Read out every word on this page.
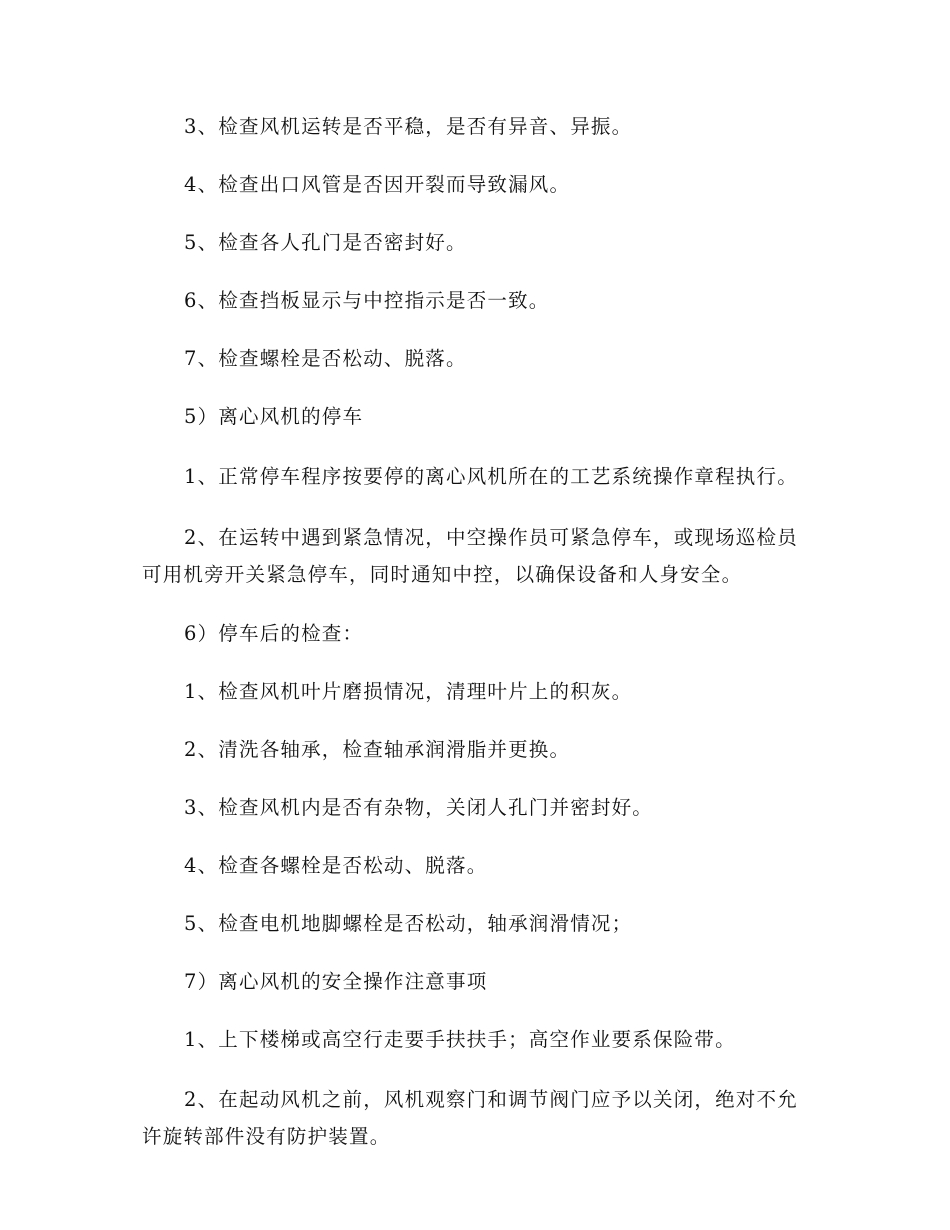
3、检查风机运转是否平稳，是否有异音、异振。

4、检查出口风管是否因开裂而导致漏风。

5、检查各人孔门是否密封好。

6、检查挡板显示与中控指示是否一致。

7、检查螺栓是否松动、脱落。

5）离心风机的停车

1、正常停车程序按要停的离心风机所在的工艺系统操作章程执行。

2、在运转中遇到紧急情况，中空操作员可紧急停车，或现场巡检员可用机旁开关紧急停车，同时通知中控，以确保设备和人身安全。

6）停车后的检查：

1、检查风机叶片磨损情况，清理叶片上的积灰。

2、清洗各轴承，检查轴承润滑脂并更换。

3、检查风机内是否有杂物，关闭人孔门并密封好。

4、检查各螺栓是否松动、脱落。

5、检查电机地脚螺栓是否松动，轴承润滑情况；

7）离心风机的安全操作注意事项

1、上下楼梯或高空行走要手扶扶手；高空作业要系保险带。

2、在起动风机之前，风机观察门和调节阀门应予以关闭，绝对不允许旋转部件没有防护装置。
